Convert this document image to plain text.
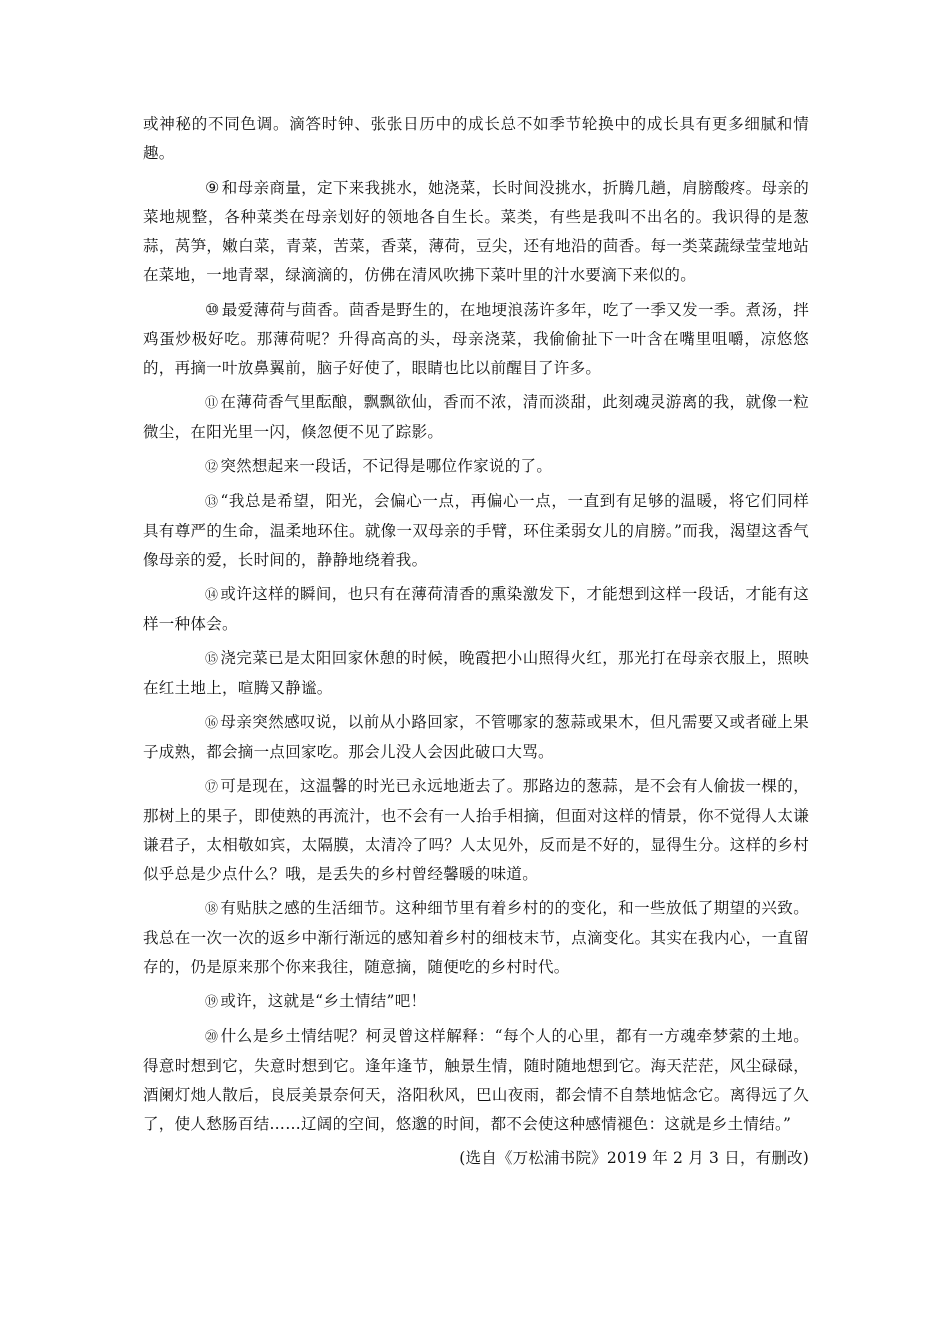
或神秘的不同色调。滴答时钟、张张日历中的成长总不如季节轮换中的成长具有更多细腻和情趣。

⑨ 和母亲商量，定下来我挑水，她浇菜，长时间没挑水，折腾几趟，肩膀酸疼。母亲的菜地规整，各种菜类在母亲划好的领地各自生长。菜类，有些是我叫不出名的。我识得的是葱蒜，莴笋，嫩白菜，青菜，苦菜，香菜，薄荷，豆尖，还有地沿的茴香。每一类菜蔬绿莹莹地站在菜地，一地青翠，绿滴滴的，仿佛在清风吹拂下菜叶里的汁水要滴下来似的。

⑩ 最爱薄荷与茴香。茴香是野生的，在地埂浪荡许多年，吃了一季又发一季。煮汤，拌鸡蛋炒极好吃。那薄荷呢？升得高高的头，母亲浇菜，我偷偷扯下一叶含在嘴里咀嚼，凉悠悠的，再摘一叶放鼻翼前，脑子好使了，眼睛也比以前醒目了许多。

⑪ 在薄荷香气里酝酿，飘飘欲仙，香而不浓，清而淡甜，此刻魂灵游离的我，就像一粒微尘，在阳光里一闪，倏忽便不见了踪影。

⑫ 突然想起来一段话，不记得是哪位作家说的了。

⑬ “我总是希望，阳光，会偏心一点，再偏心一点，一直到有足够的温暖，将它们同样具有尊严的生命，温柔地环住。就像一双母亲的手臂，环住柔弱女儿的肩膀。”而我，渴望这香气像母亲的爱，长时间的，静静地绕着我。

⑭ 或许这样的瞬间，也只有在薄荷清香的熏染激发下，才能想到这样一段话，才能有这样一种体会。

⑮ 浇完菜已是太阳回家休憩的时候，晚霞把小山照得火红，那光打在母亲衣服上，照映在红土地上，喧腾又静谧。

⑯ 母亲突然感叹说，以前从小路回家，不管哪家的葱蒜或果木，但凡需要又或者碰上果子成熟，都会摘一点回家吃。那会儿没人会因此破口大骂。

⑰ 可是现在，这温馨的时光已永远地逝去了。那路边的葱蒜，是不会有人偷拔一棵的，那树上的果子，即使熟的再流汁，也不会有一人抬手相摘，但面对这样的情景，你不觉得人太谦谦君子，太相敬如宾，太隔膜，太清冷了吗？人太见外，反而是不好的，显得生分。这样的乡村似乎总是少点什么？哦，是丢失的乡村曾经馨暖的味道。

⑱ 有贴肤之感的生活细节。这种细节里有着乡村的的变化，和一些放低了期望的兴致。我总在一次一次的返乡中渐行渐远的感知着乡村的细枝末节，点滴变化。其实在我内心，一直留存的，仍是原来那个你来我往，随意摘，随便吃的乡村时代。

⑲ 或许，这就是“乡土情结”吧！

⑳ 什么是乡土情结呢？柯灵曾这样解释：“每个人的心里，都有一方魂牵梦萦的土地。得意时想到它，失意时想到它。逢年逢节，触景生情，随时随地想到它。海天茫茫，风尘碌碌，酒阑灯灺人散后，良辰美景奈何天，洛阳秋风，巴山夜雨，都会情不自禁地惦念它。离得远了久了，使人愁肠百结……辽阔的空间，悠邈的时间，都不会使这种感情褪色：这就是乡土情结。”

(选自《万松浦书院》2019 年 2 月 3 日，有删改)
